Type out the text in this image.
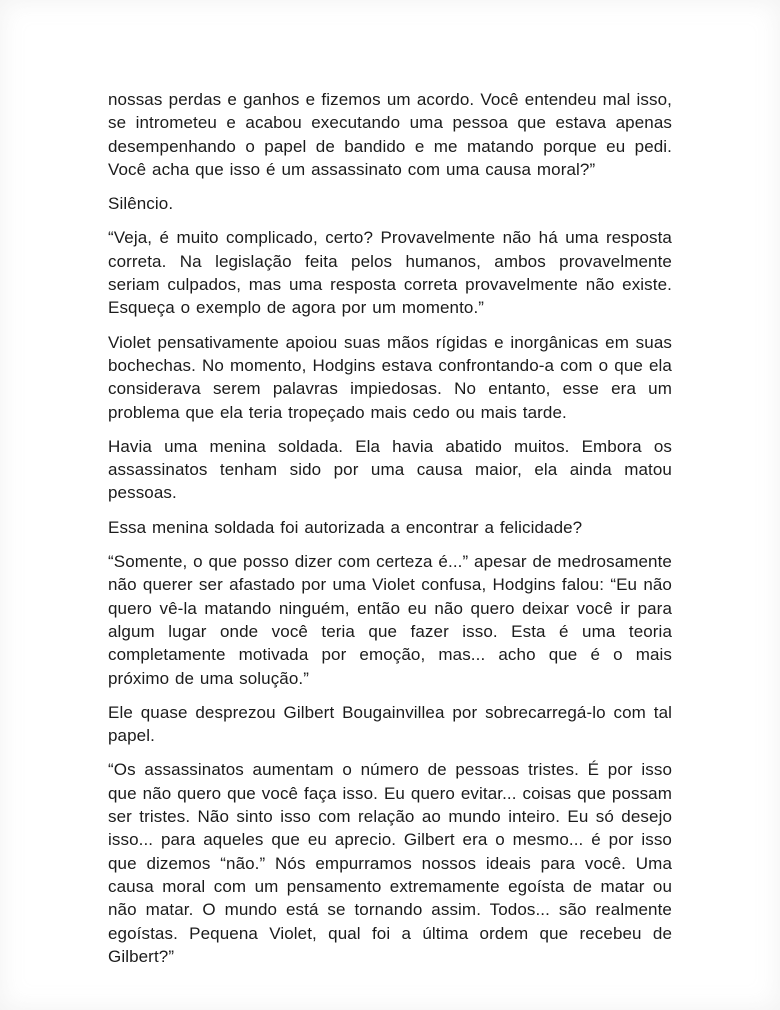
nossas perdas e ganhos e fizemos um acordo. Você entendeu mal isso, se intrometeu e acabou executando uma pessoa que estava apenas desempenhando o papel de bandido e me matando porque eu pedi. Você acha que isso é um assassinato com uma causa moral?”

Silêncio.

“Veja, é muito complicado, certo? Provavelmente não há uma resposta correta. Na legislação feita pelos humanos, ambos provavelmente seriam culpados, mas uma resposta correta provavelmente não existe. Esqueça o exemplo de agora por um momento.”

Violet pensativamente apoiou suas mãos rígidas e inorgânicas em suas bochechas. No momento, Hodgins estava confrontando-a com o que ela considerava serem palavras impiedosas. No entanto, esse era um problema que ela teria tropeçado mais cedo ou mais tarde.

Havia uma menina soldada. Ela havia abatido muitos. Embora os assassinatos tenham sido por uma causa maior, ela ainda matou pessoas.

Essa menina soldada foi autorizada a encontrar a felicidade?

“Somente, o que posso dizer com certeza é...” apesar de medrosamente não querer ser afastado por uma Violet confusa, Hodgins falou: “Eu não quero vê-la matando ninguém, então eu não quero deixar você ir para algum lugar onde você teria que fazer isso. Esta é uma teoria completamente motivada por emoção, mas... acho que é o mais próximo de uma solução.”

Ele quase desprezou Gilbert Bougainvillea por sobrecarregá-lo com tal papel.

“Os assassinatos aumentam o número de pessoas tristes. É por isso que não quero que você faça isso. Eu quero evitar... coisas que possam ser tristes. Não sinto isso com relação ao mundo inteiro. Eu só desejo isso... para aqueles que eu aprecio. Gilbert era o mesmo... é por isso que dizemos “não.” Nós empurramos nossos ideais para você. Uma causa moral com um pensamento extremamente egoísta de matar ou não matar. O mundo está se tornando assim. Todos... são realmente egoístas. Pequena Violet, qual foi a última ordem que recebeu de Gilbert?”
